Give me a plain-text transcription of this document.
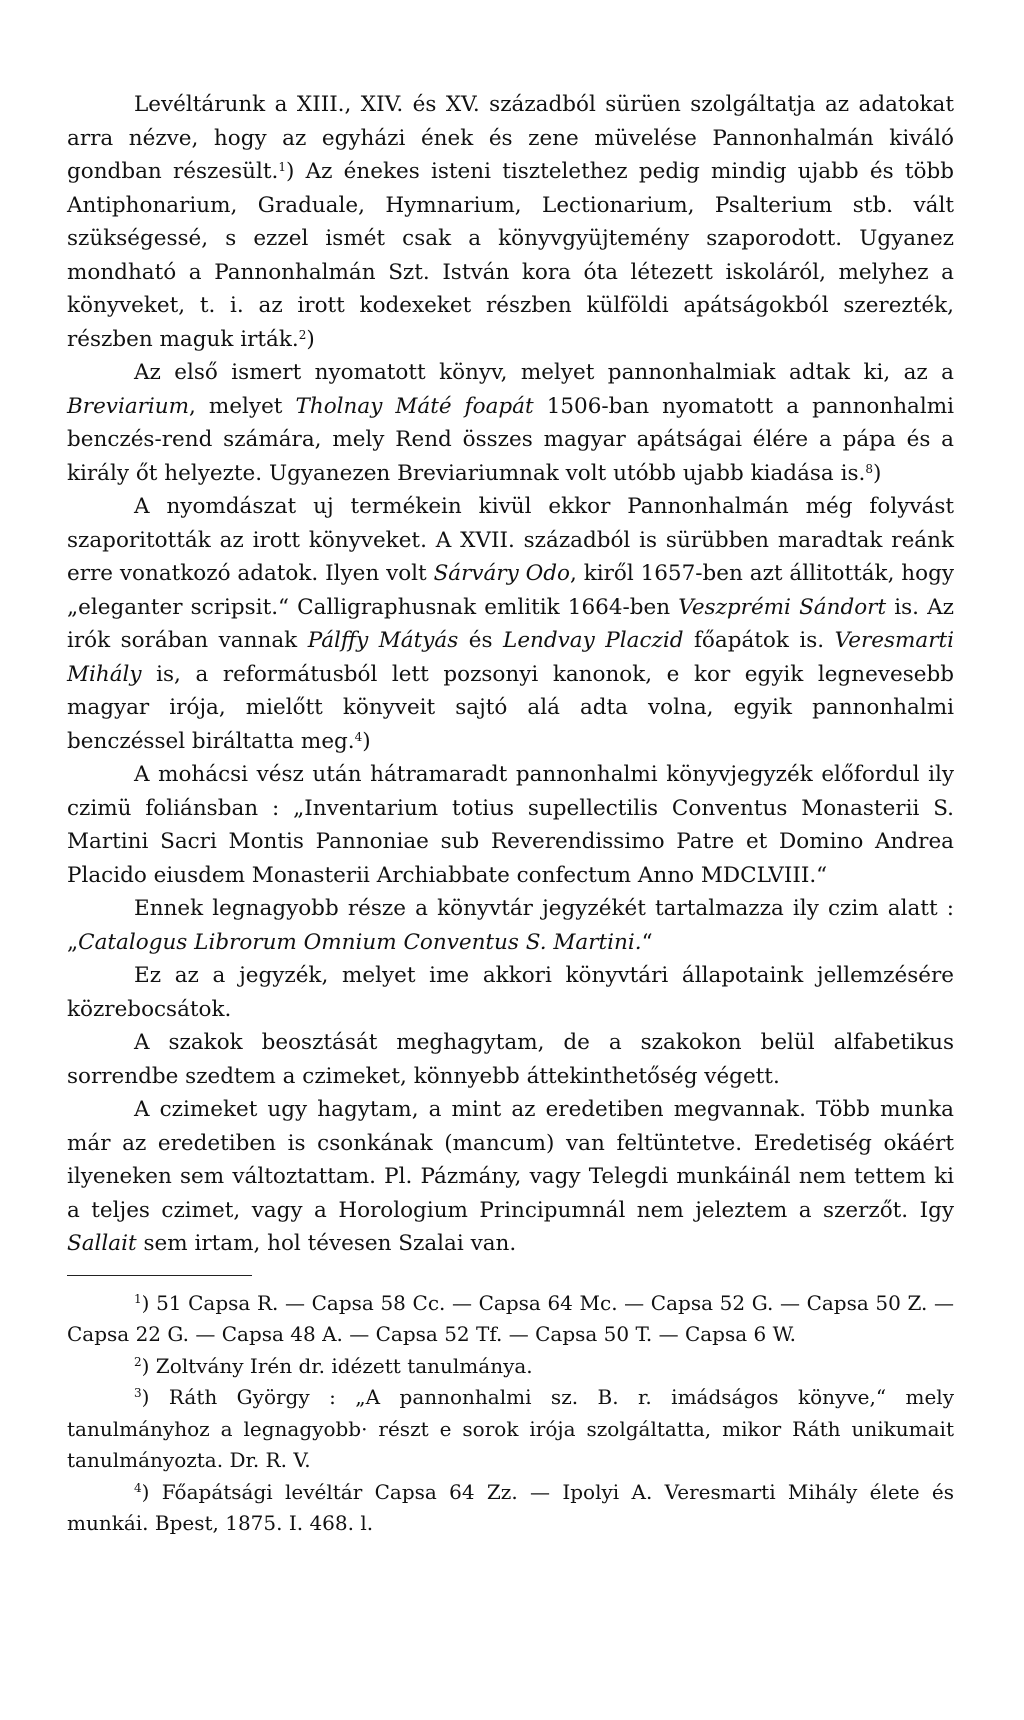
Levéltárunk a XIII., XIV. és XV. századból sürüen szolgáltatja az adatokat arra nézve, hogy az egyházi ének és zene müvelése Pannonhalmán kiváló gondban részesült.$^1$) Az énekes isteni tisztelethez pedig mindig ujabb és több Antiphonarium, Graduale, Hymnarium, Lectionarium, Psalterium stb. vált szükségessé, s ezzel ismét csak a könyvgyüjtemény szaporodott. Ugyanez mondható a Pannonhalmán Szt. István kora óta létezett iskoláról, melyhez a könyveket, t. i. az irott kodexeket részben külföldi apátságokból szerezték, részben maguk irták.$^2$)

Az első ismert nyomatott könyv, melyet pannonhalmiak adtak ki, az a Breviarium, melyet Tholnay Máté foapát 1506-ban nyomatott a pannonhalmi benczés-rend számára, mely Rend összes magyar apátságai élére a pápa és a király őt helyezte. Ugyanezen Breviariumnak volt utóbb ujabb kiadása is.$^8$)

A nyomdászat uj termékein kivül ekkor Pannonhalmán még folyvást szaporitották az irott könyveket. A XVII. századból is sürübben maradtak reánk erre vonatkozó adatok. Ilyen volt Sárváry Odo, kiről 1657-ben azt állitották, hogy „eleganter scripsit.“ Calligraphusnak emlitik 1664-ben Veszprémi Sándort is. Az irók sorában vannak Pálffy Mátyás és Lendvay Placzid főapátok is. Veresmarti Mihály is, a reformátusból lett pozsonyi kanonok, e kor egyik legnevesebb magyar irója, mielőtt könyveit sajtó alá adta volna, egyik pannonhalmi benczéssel biráltatta meg.$^4$)

A mohácsi vész után hátramaradt pannonhalmi könyvjegyzék előfordul ily czimü foliánsban : „Inventarium totius supellectilis Conventus Monasterii S. Martini Sacri Montis Pannoniae sub Reverendissimo Patre et Domino Andrea Placido eiusdem Monasterii Archiabbate confectum Anno MDCLVIII.“

Ennek legnagyobb része a könyvtár jegyzékét tartalmazza ily czim alatt : „Catalogus Librorum Omnium Conventus S. Martini.“

Ez az a jegyzék, melyet ime akkori könyvtári állapotaink jellemzésére közrebocsátok.

A szakok beosztását meghagytam, de a szakokon belül alfabetikus sorrendbe szedtem a czimeket, könnyebb áttekinthetőség végett.

A czimeket ugy hagytam, a mint az eredetiben megvannak. Több munka már az eredetiben is csonkának (mancum) van feltüntetve. Eredetiség okáért ilyeneken sem változtattam. Pl. Pázmány, vagy Telegdi munkáinál nem tettem ki a teljes czimet, vagy a Horologium Principumnál nem jeleztem a szerzőt. Igy Sallait sem irtam, hol tévesen Szalai van.

$^1$) 51 Capsa R. — Capsa 58 Cc. — Capsa 64 Mc. — Capsa 52 G. — Capsa 50 Z. — Capsa 22 G. — Capsa 48 A. — Capsa 52 Tf. — Capsa 50 T. — Capsa 6 W.

$^2$) Zoltvány Irén dr. idézett tanulmánya.

$^3$) Ráth György : „A pannonhalmi sz. B. r. imádságos könyve,“ mely tanulmányhoz a legnagyobb· részt e sorok irója szolgáltatta, mikor Ráth unikumait tanulmányozta. Dr. R. V.

$^4$) Főapátsági levéltár Capsa 64 Zz. — Ipolyi A. Veresmarti Mihály élete és munkái. Bpest, 1875. I. 468. l.
